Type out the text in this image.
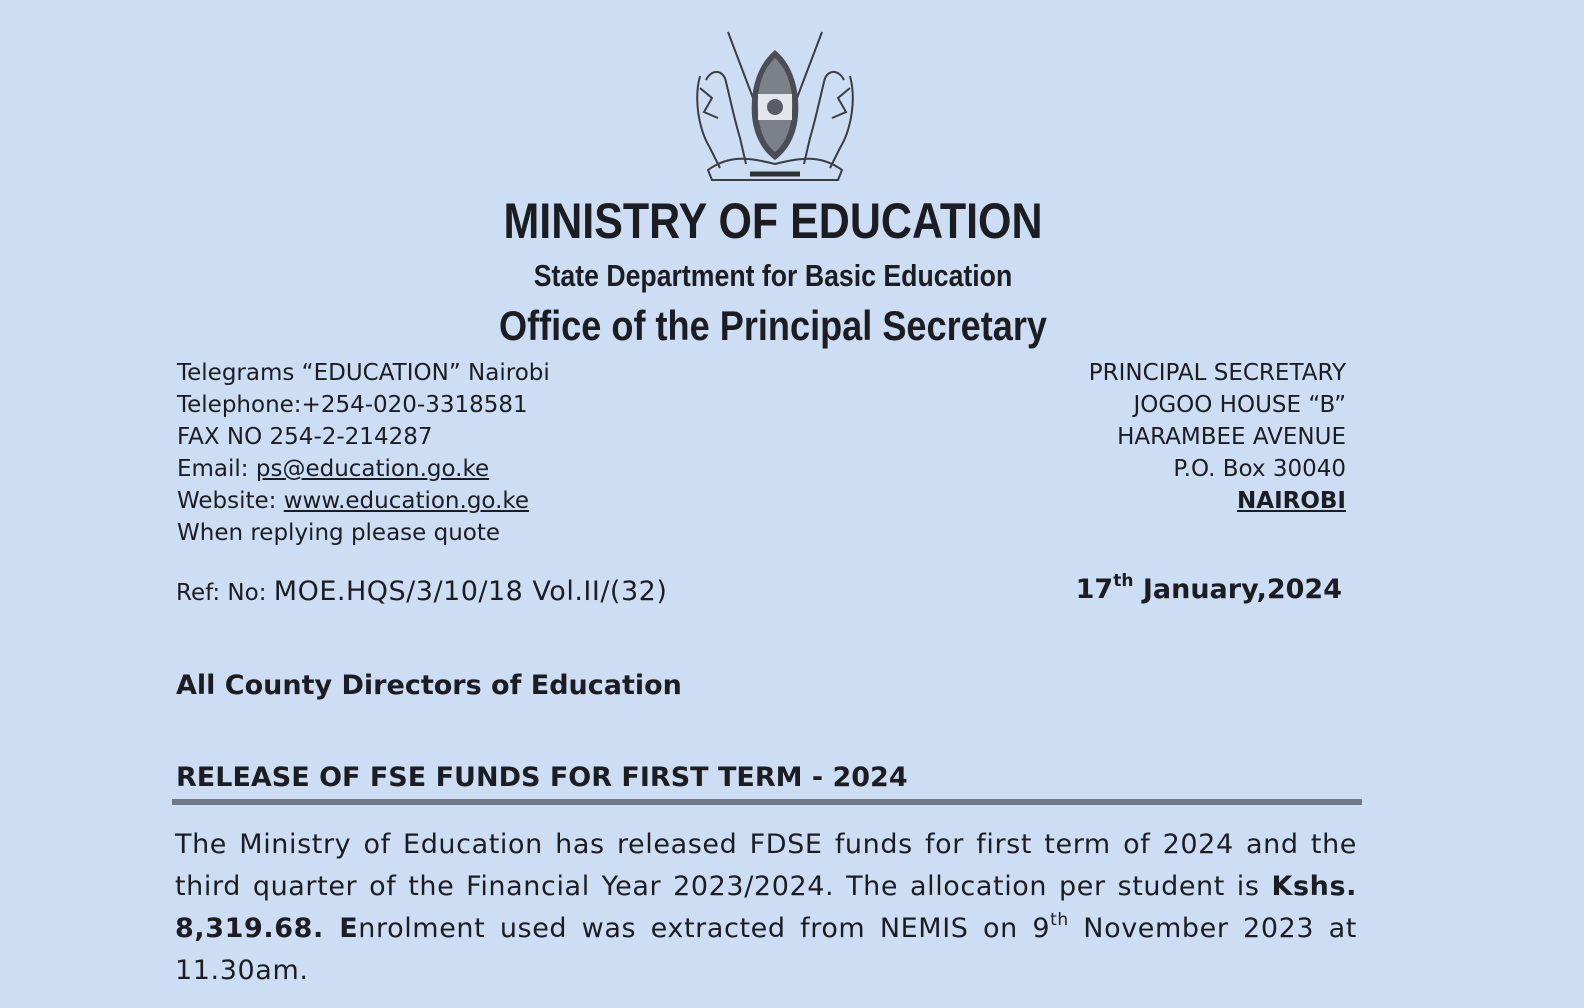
MINISTRY OF EDUCATION
State Department for Basic Education
Office of the Principal Secretary
Telegrams “EDUCATION” Nairobi
Telephone:+254-020-3318581
FAX NO 254-2-214287
Email: ps@education.go.ke
Website: www.education.go.ke
When replying please quote
PRINCIPAL SECRETARY
JOGOO HOUSE “B”
HARAMBEE AVENUE
P.O. Box 30040
NAIROBI
Ref: No: MOE.HQS/3/10/18 Vol.II/(32)	17th January,2024
All County Directors of Education
RELEASE OF FSE FUNDS FOR FIRST TERM - 2024
The Ministry of Education has released FDSE funds for first term of 2024 and the third quarter of the Financial Year 2023/2024. The allocation per student is Kshs. 8,319.68. Enrolment used was extracted from NEMIS on 9th November 2023 at 11.30am.
